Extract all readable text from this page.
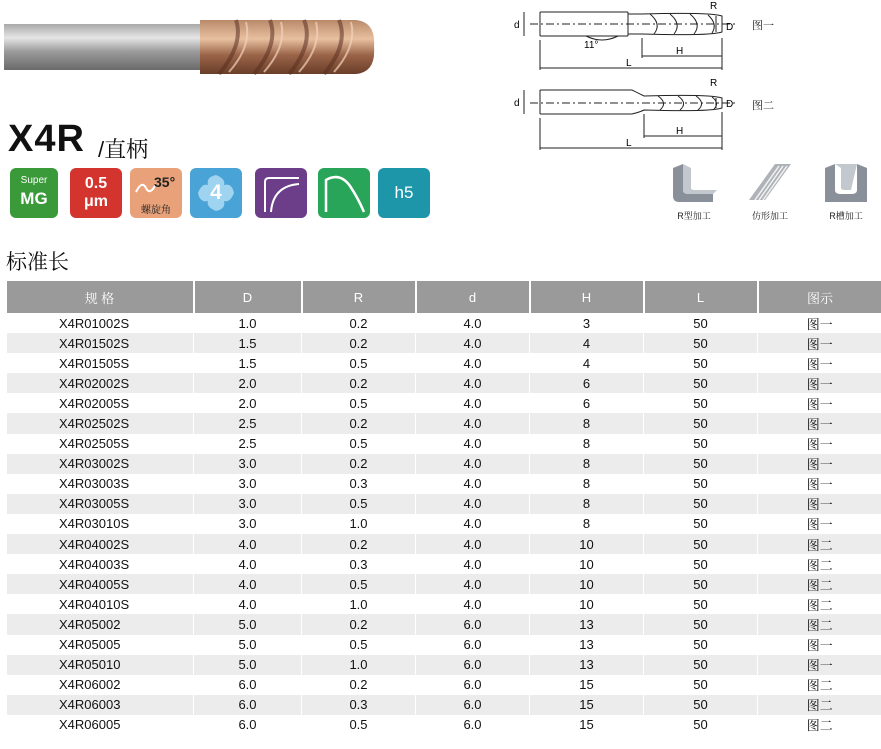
X4R /直柄
Super
MG
0.5
μm
35°
螺旋角
4	h5
d	D
R
H
L
11°
图一
d	D
R
H
L
图二
R型加工	仿形加工	R槽加工
标准长
规 格	D	R	d	H	L	图示
X4R01002S	1.0	0.2	4.0	3	50	图一
X4R01502S	1.5	0.2	4.0	4	50	图一
X4R01505S	1.5	0.5	4.0	4	50	图一
X4R02002S	2.0	0.2	4.0	6	50	图一
X4R02005S	2.0	0.5	4.0	6	50	图一
X4R02502S	2.5	0.2	4.0	8	50	图一
X4R02505S	2.5	0.5	4.0	8	50	图一
X4R03002S	3.0	0.2	4.0	8	50	图一
X4R03003S	3.0	0.3	4.0	8	50	图一
X4R03005S	3.0	0.5	4.0	8	50	图一
X4R03010S	3.0	1.0	4.0	8	50	图一
X4R04002S	4.0	0.2	4.0	10	50	图二
X4R04003S	4.0	0.3	4.0	10	50	图二
X4R04005S	4.0	0.5	4.0	10	50	图二
X4R04010S	4.0	1.0	4.0	10	50	图二
X4R05002	5.0	0.2	6.0	13	50	图二
X4R05005	5.0	0.5	6.0	13	50	图一
X4R05010	5.0	1.0	6.0	13	50	图一
X4R06002	6.0	0.2	6.0	15	50	图二
X4R06003	6.0	0.3	6.0	15	50	图二
X4R06005	6.0	0.5	6.0	15	50	图二
